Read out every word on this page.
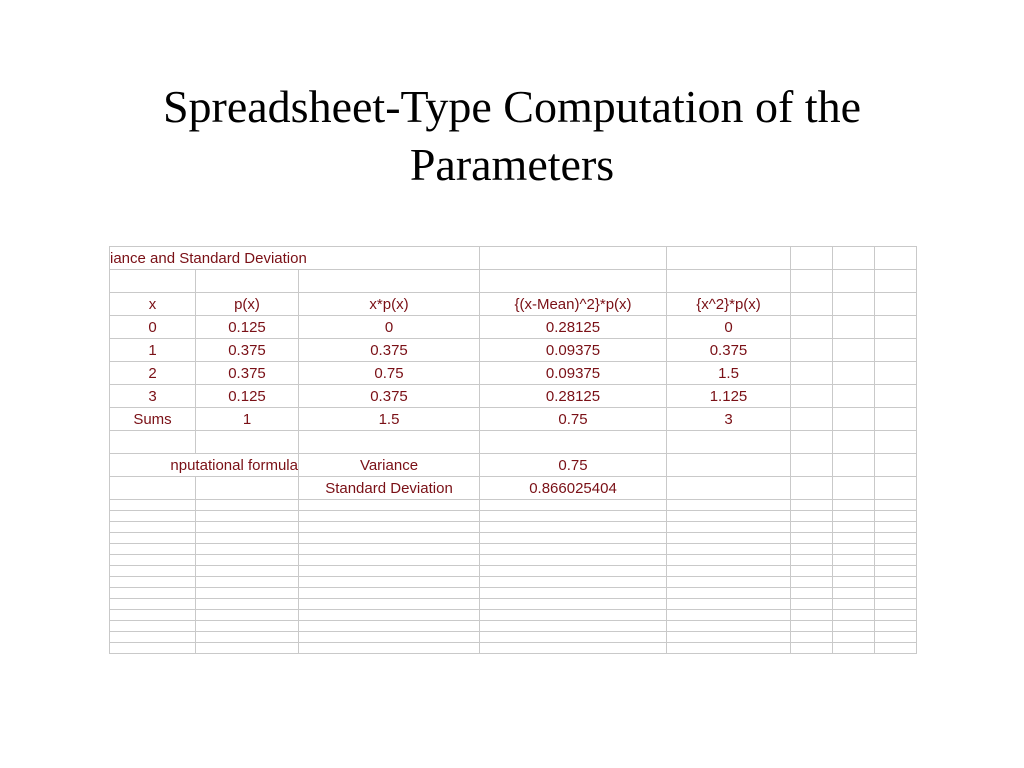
Spreadsheet-Type Computation of the
Parameters
iance and Standard Deviation							

x	p(x)	x*p(x)	{(x-Mean)^2}*p(x)	{x^2}*p(x)			
0	0.125	0	0.28125	0			
1	0.375	0.375	0.09375	0.375			
2	0.375	0.75	0.09375	1.5			
3	0.125	0.375	0.28125	1.125			
Sums	1	1.5	0.75	3			

nputational formula		Variance	0.75				
		Standard Deviation	0.866025404				
